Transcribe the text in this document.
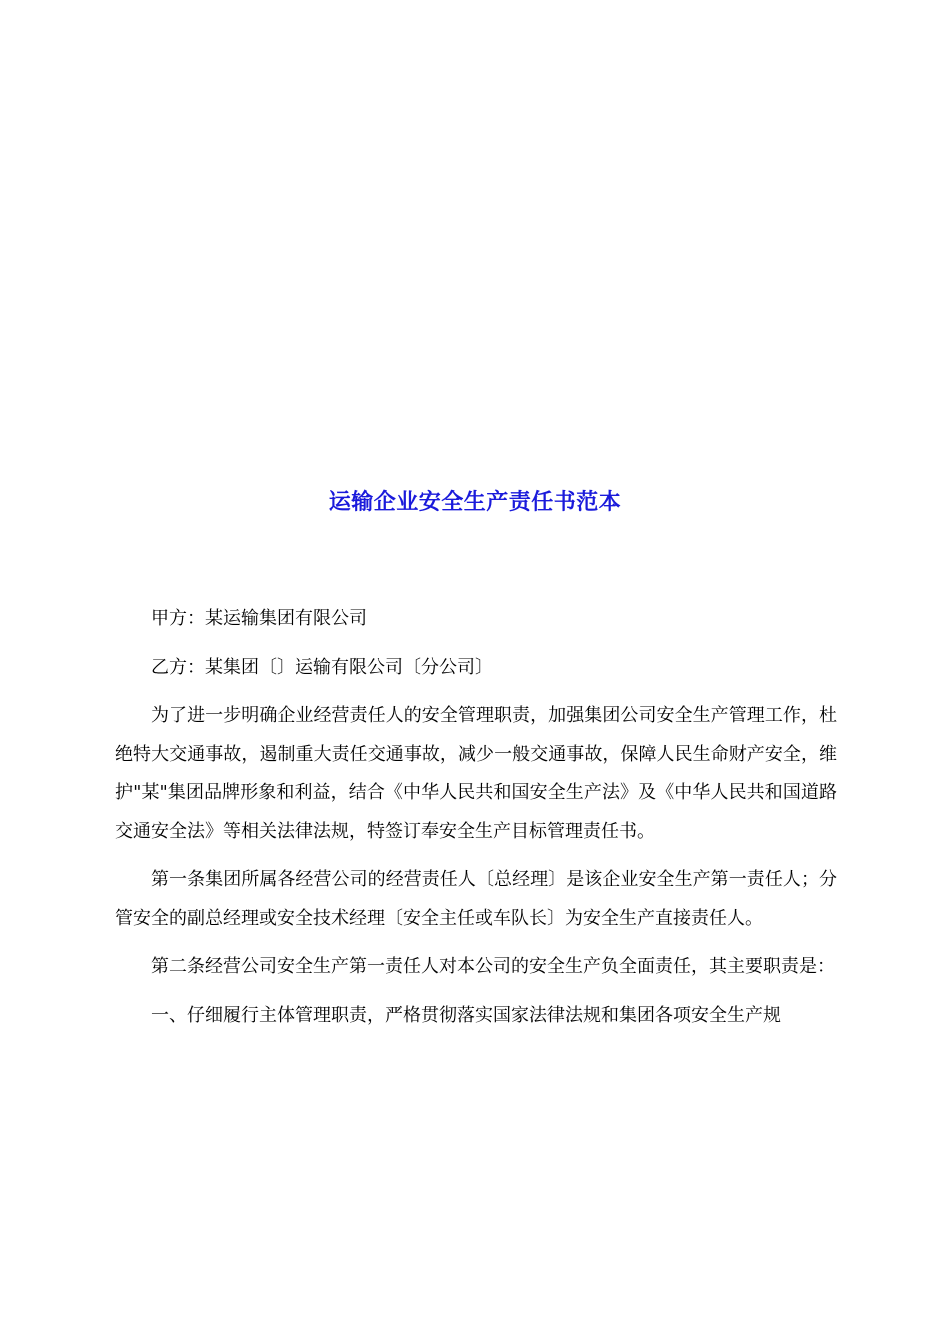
运输企业安全生产责任书范本

甲方：某运输集团有限公司

乙方：某集团〔〕运输有限公司〔分公司〕

为了进一步明确企业经营责任人的安全管理职责，加强集团公司安全生产管理工作，杜绝特大交通事故，遏制重大责任交通事故，减少一般交通事故，保障人民生命财产安全，维护"某"集团品牌形象和利益，结合《中华人民共和国安全生产法》及《中华人民共和国道路交通安全法》等相关法律法规，特签订奉安全生产目标管理责任书。

第一条集团所属各经营公司的经营责任人〔总经理〕是该企业安全生产第一责任人；分管安全的副总经理或安全技术经理〔安全主任或车队长〕为安全生产直接责任人。

第二条经营公司安全生产第一责任人对本公司的安全生产负全面责任，其主要职责是：

一、仔细履行主体管理职责，严格贯彻落实国家法律法规和集团各项安全生产规
